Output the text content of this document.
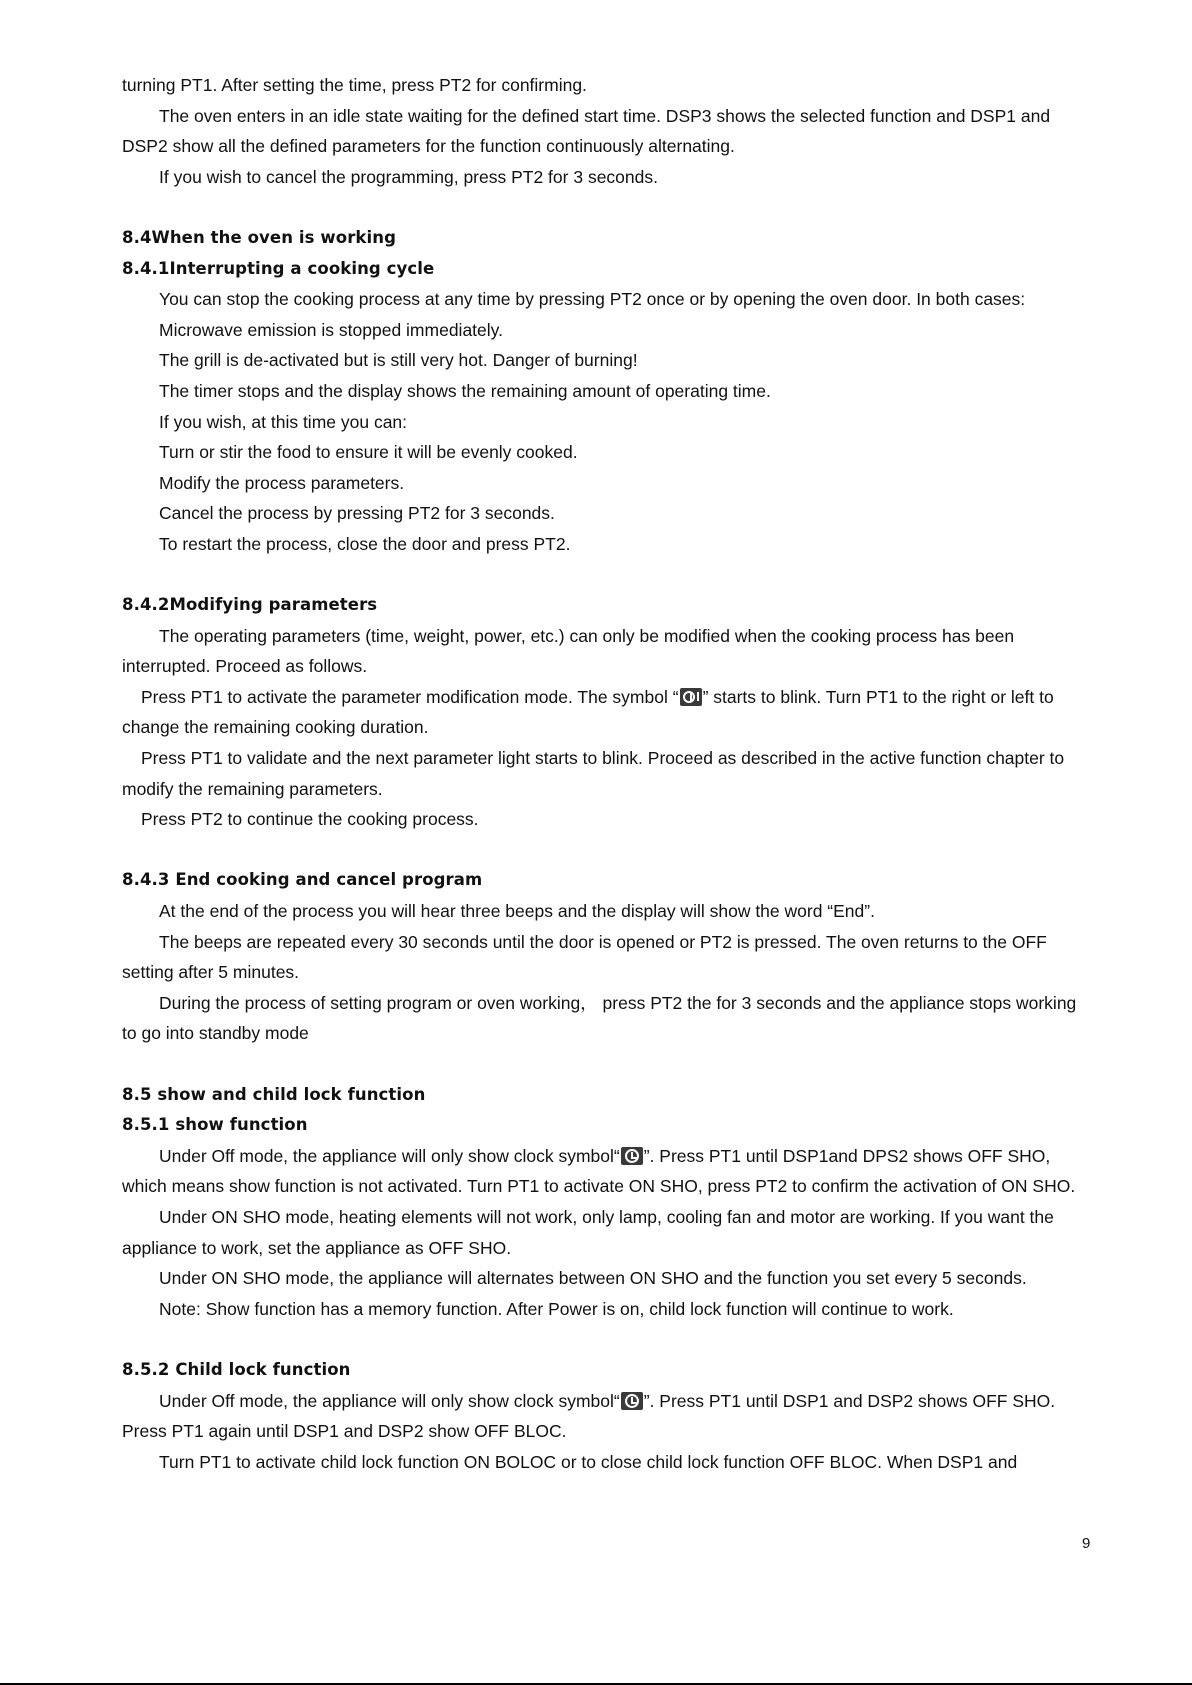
turning PT1. After setting the time, press PT2 for confirming.

The oven enters in an idle state waiting for the defined start time. DSP3 shows the selected function and DSP1 and DSP2 show all the defined parameters for the function continuously alternating.

If you wish to cancel the programming, press PT2 for 3 seconds.

8.4When the oven is working

8.4.1Interrupting a cooking cycle

You can stop the cooking process at any time by pressing PT2 once or by opening the oven door. In both cases:

Microwave emission is stopped immediately.

The grill is de-activated but is still very hot. Danger of burning!

The timer stops and the display shows the remaining amount of operating time.

If you wish, at this time you can:

Turn or stir the food to ensure it will be evenly cooked.

Modify the process parameters.

Cancel the process by pressing PT2 for 3 seconds.

To restart the process, close the door and press PT2.

8.4.2Modifying parameters

The operating parameters (time, weight, power, etc.) can only be modified when the cooking process has been interrupted. Proceed as follows.

Press PT1 to activate the parameter modification mode. The symbol “ ” starts to blink. Turn PT1 to the right or left to change the remaining cooking duration.

Press PT1 to validate and the next parameter light starts to blink. Proceed as described in the active function chapter to modify the remaining parameters.

Press PT2 to continue the cooking process.

8.4.3 End cooking and cancel program

At the end of the process you will hear three beeps and the display will show the word “End”.

The beeps are repeated every 30 seconds until the door is opened or PT2 is pressed. The oven returns to the OFF setting after 5 minutes.

During the process of setting program or oven working， press PT2 the for 3 seconds and the appliance stops working to go into standby mode

8.5 show and child lock function

8.5.1 show function

Under Off mode, the appliance will only show clock symbol“ ”. Press PT1 until DSP1and DPS2 shows OFF SHO, which means show function is not activated. Turn PT1 to activate ON SHO, press PT2 to confirm the activation of ON SHO.

Under ON SHO mode, heating elements will not work, only lamp, cooling fan and motor are working. If you want the appliance to work, set the appliance as OFF SHO.

Under ON SHO mode, the appliance will alternates between ON SHO and the function you set every 5 seconds.

Note: Show function has a memory function. After Power is on, child lock function will continue to work.

8.5.2 Child lock function

Under Off mode, the appliance will only show clock symbol“ ”. Press PT1 until DSP1 and DSP2 shows OFF SHO. Press PT1 again until DSP1 and DSP2 show OFF BLOC.

Turn PT1 to activate child lock function ON BOLOC or to close child lock function OFF BLOC. When DSP1 and

9
